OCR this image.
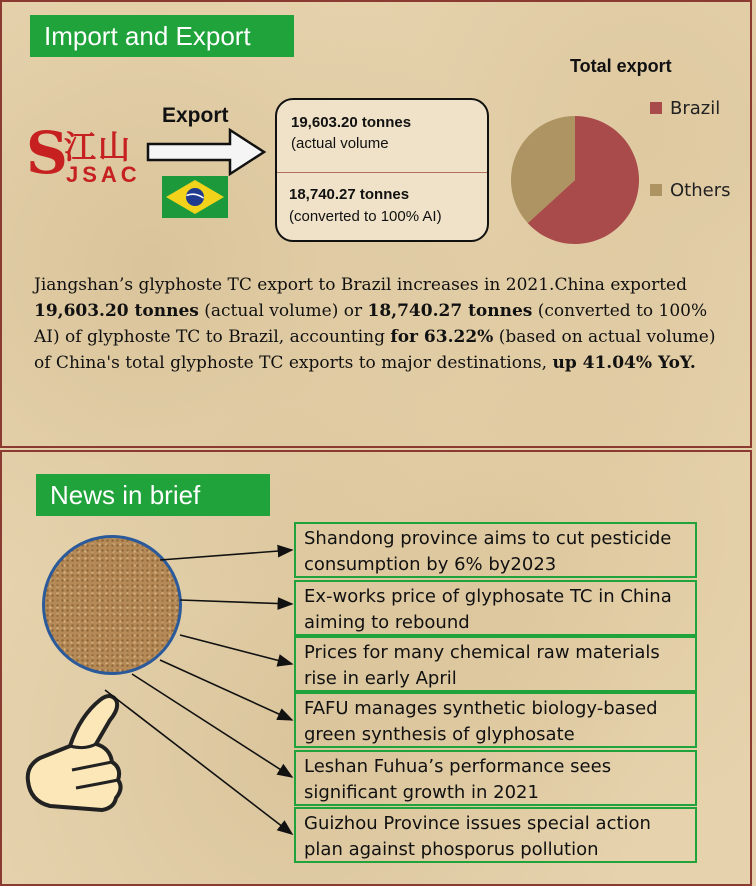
Import and Export
S
江山
JSAC
Export	19,603.20 tonnes
(actual volume
18,740.27 tonnes
(converted to 100% AI)
Total export
Brazil
Others
Jiangshan’s glyphoste TC export to Brazil increases in 2021.China exported 19,603.20 tonnes (actual volume) or 18,740.27 tonnes (converted to 100% AI) of glyphoste TC to Brazil, accounting for 63.22% (based on actual volume) of China's total glyphoste TC exports to major destinations, up 41.04% YoY.
News in brief
Shandong province aims to cut pesticide consumption by 6% by2023
Ex-works price of glyphosate TC in China aiming to rebound
Prices for many chemical raw materials rise in early April
FAFU manages synthetic biology-based green synthesis of glyphosate
Leshan Fuhua’s performance sees significant growth in 2021
Guizhou Province issues special action plan against phosporus pollution
